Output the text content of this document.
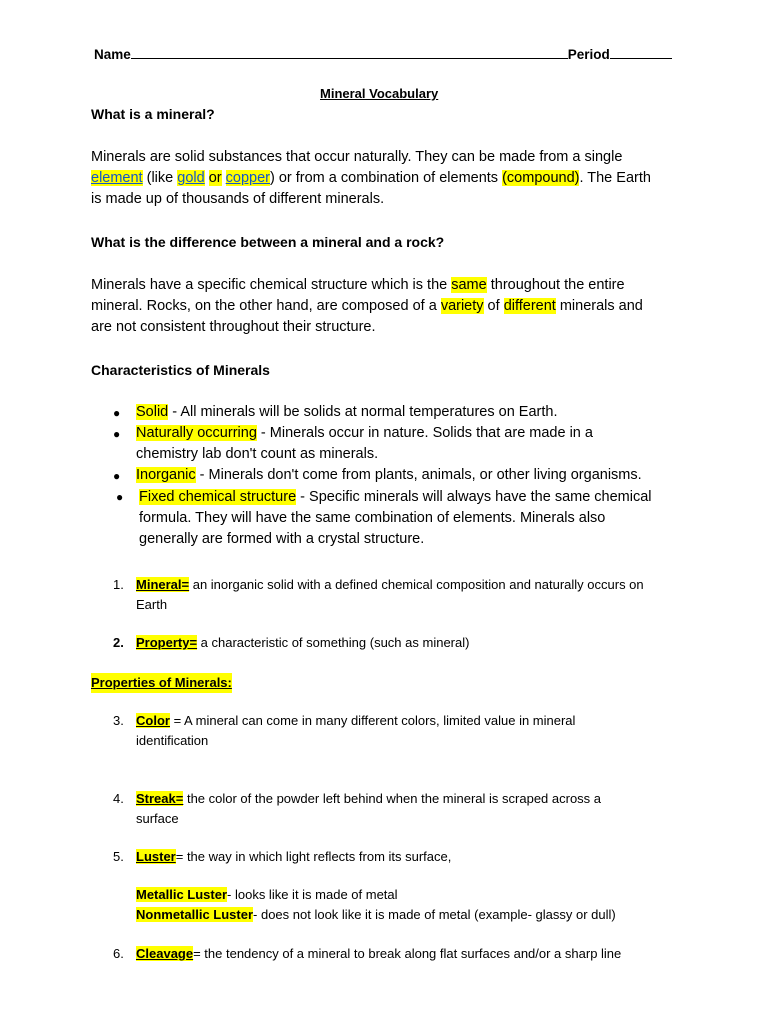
Name	Period
Mineral Vocabulary
What is a mineral?
Minerals are solid substances that occur naturally. They can be made from a single
element (like gold or copper) or from a combination of elements (compound). The Earth
is made up of thousands of different minerals.
What is the difference between a mineral and a rock?
Minerals have a specific chemical structure which is the same throughout the entire
mineral. Rocks, on the other hand, are composed of a variety of different minerals and
are not consistent throughout their structure.
Characteristics of Minerals
● Solid - All minerals will be solids at normal temperatures on Earth.
● Naturally occurring - Minerals occur in nature. Solids that are made in a
chemistry lab don't count as minerals.
● Inorganic - Minerals don't come from plants, animals, or other living organisms.
● Fixed chemical structure - Specific minerals will always have the same chemical
formula. They will have the same combination of elements. Minerals also
generally are formed with a crystal structure.
1. Mineral= an inorganic solid with a defined chemical composition and naturally occurs on
Earth
2. Property= a characteristic of something (such as mineral)
Properties of Minerals:
3. Color = A mineral can come in many different colors, limited value in mineral
identification
4. Streak= the color of the powder left behind when the mineral is scraped across a
surface
5. Luster= the way in which light reflects from its surface,
Metallic Luster- looks like it is made of metal
Nonmetallic Luster- does not look like it is made of metal (example- glassy or dull)
6. Cleavage= the tendency of a mineral to break along flat surfaces and/or a sharp line
